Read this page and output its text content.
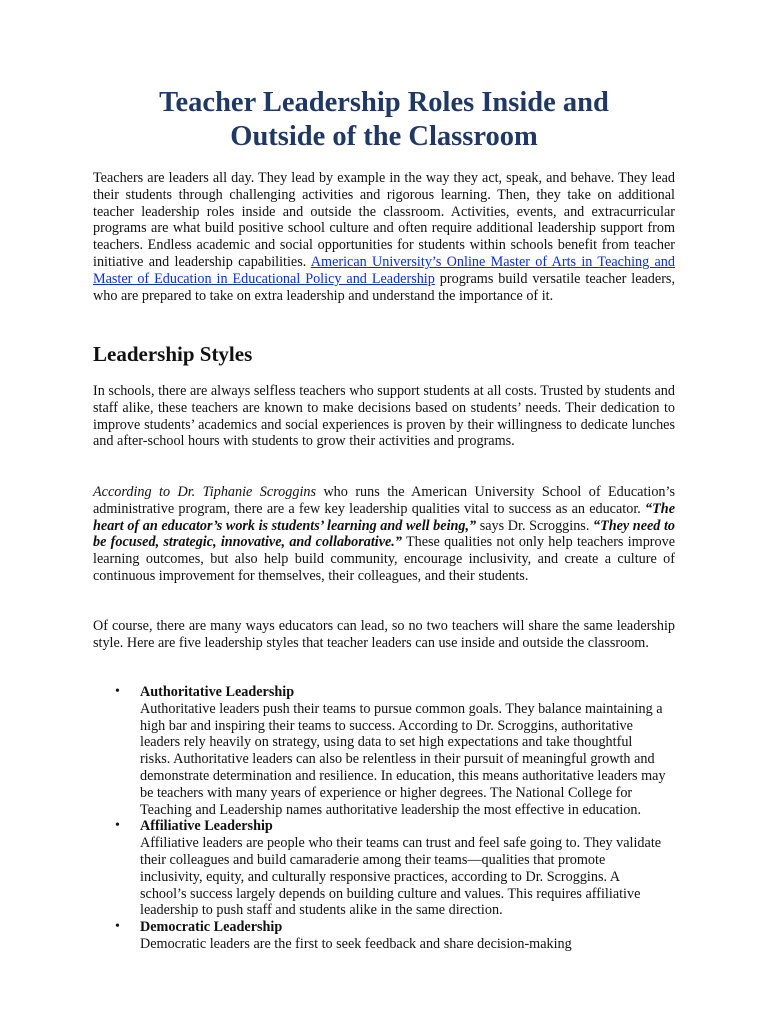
Teacher Leadership Roles Inside and
Outside of the Classroom

Teachers are leaders all day. They lead by example in the way they act, speak, and behave. They lead their students through challenging activities and rigorous learning. Then, they take on additional teacher leadership roles inside and outside the classroom. Activities, events, and extracurricular programs are what build positive school culture and often require additional leadership support from teachers. Endless academic and social opportunities for students within schools benefit from teacher initiative and leadership capabilities. American University’s Online Master of Arts in Teaching and Master of Education in Educational Policy and Leadership programs build versatile teacher leaders, who are prepared to take on extra leadership and understand the importance of it.

Leadership Styles

In schools, there are always selfless teachers who support students at all costs. Trusted by students and staff alike, these teachers are known to make decisions based on students’ needs. Their dedication to improve students’ academics and social experiences is proven by their willingness to dedicate lunches and after-school hours with students to grow their activities and programs.

According to Dr. Tiphanie Scroggins who runs the American University School of Education’s administrative program, there are a few key leadership qualities vital to success as an educator. “The heart of an educator’s work is students’ learning and well being,” says Dr. Scroggins. “They need to be focused, strategic, innovative, and collaborative.” These qualities not only help teachers improve learning outcomes, but also help build community, encourage inclusivity, and create a culture of continuous improvement for themselves, their colleagues, and their students.

Of course, there are many ways educators can lead, so no two teachers will share the same leadership style. Here are five leadership styles that teacher leaders can use inside and outside the classroom.

• Authoritative Leadership
Authoritative leaders push their teams to pursue common goals. They balance maintaining a high bar and inspiring their teams to success. According to Dr. Scroggins, authoritative leaders rely heavily on strategy, using data to set high expectations and take thoughtful risks. Authoritative leaders can also be relentless in their pursuit of meaningful growth and demonstrate determination and resilience. In education, this means authoritative leaders may be teachers with many years of experience or higher degrees. The National College for Teaching and Leadership names authoritative leadership the most effective in education.
• Affiliative Leadership
Affiliative leaders are people who their teams can trust and feel safe going to. They validate their colleagues and build camaraderie among their teams—qualities that promote inclusivity, equity, and culturally responsive practices, according to Dr. Scroggins. A school’s success largely depends on building culture and values. This requires affiliative leadership to push staff and students alike in the same direction.
• Democratic Leadership
Democratic leaders are the first to seek feedback and share decision-making
